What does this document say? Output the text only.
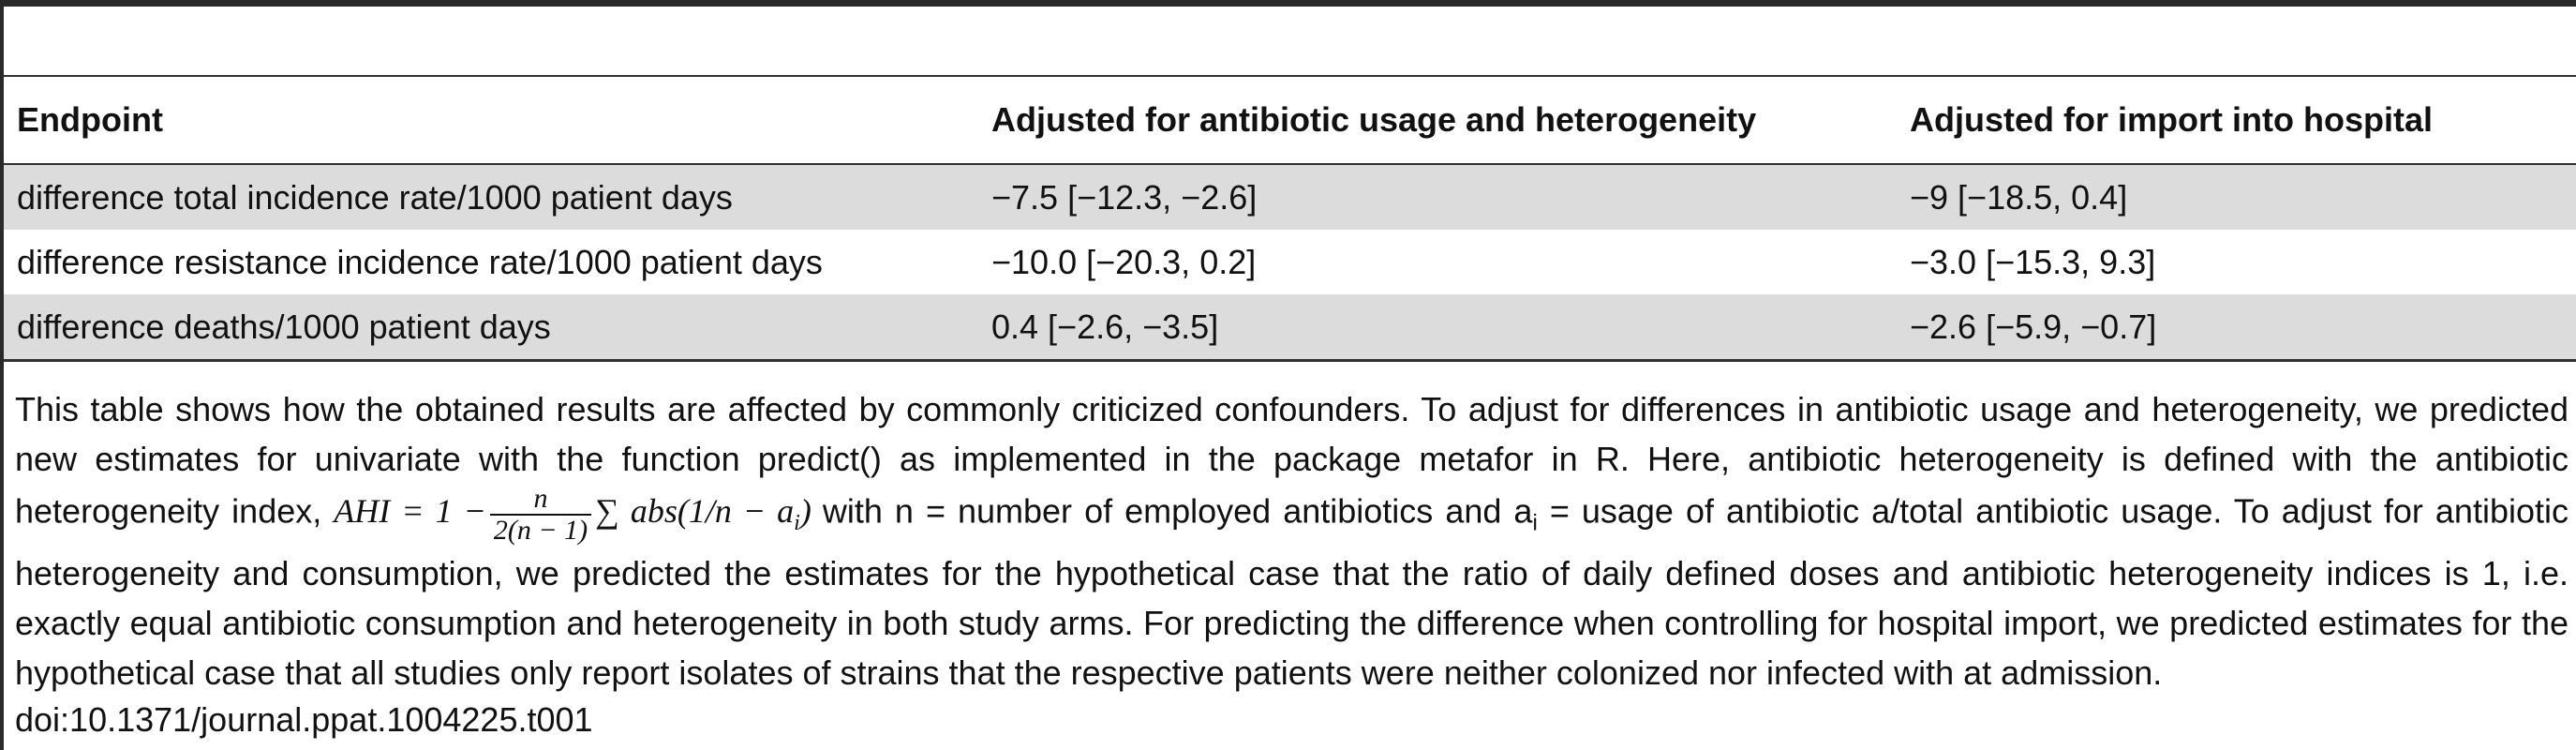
Endpoint	Adjusted for antibiotic usage and heterogeneity	Adjusted for import into hospital
difference total incidence rate/1000 patient days	−7.5 [−12.3, −2.6]	−9 [−18.5, 0.4]
difference resistance incidence rate/1000 patient days	−10.0 [−20.3, 0.2]	−3.0 [−15.3, 9.3]
difference deaths/1000 patient days	0.4 [−2.6, −3.5]	−2.6 [−5.9, −0.7]
This table shows how the obtained results are affected by commonly criticized confounders. To adjust for differences in antibiotic usage and heterogeneity, we predicted new estimates for univariate with the function predict() as implemented in the package metafor in R. Here, antibiotic heterogeneity is defined with the antibiotic heterogeneity index, AHI = $1 - \frac{n}{2(n - 1)}$ ∑ $abs(1/n - a_i)$ with n = number of employed antibiotics and $a_i$ = usage of antibiotic a/total antibiotic usage. To adjust for antibiotic heterogeneity and consumption, we predicted the estimates for the hypothetical case that the ratio of daily defined doses and antibiotic heterogeneity indices is 1, i.e. exactly equal antibiotic consumption and heterogeneity in both study arms. For predicting the difference when controlling for hospital import, we predicted estimates for the hypothetical case that all studies only report isolates of strains that the respective patients were neither colonized nor infected with at admission.
doi:10.1371/journal.ppat.1004225.t001
